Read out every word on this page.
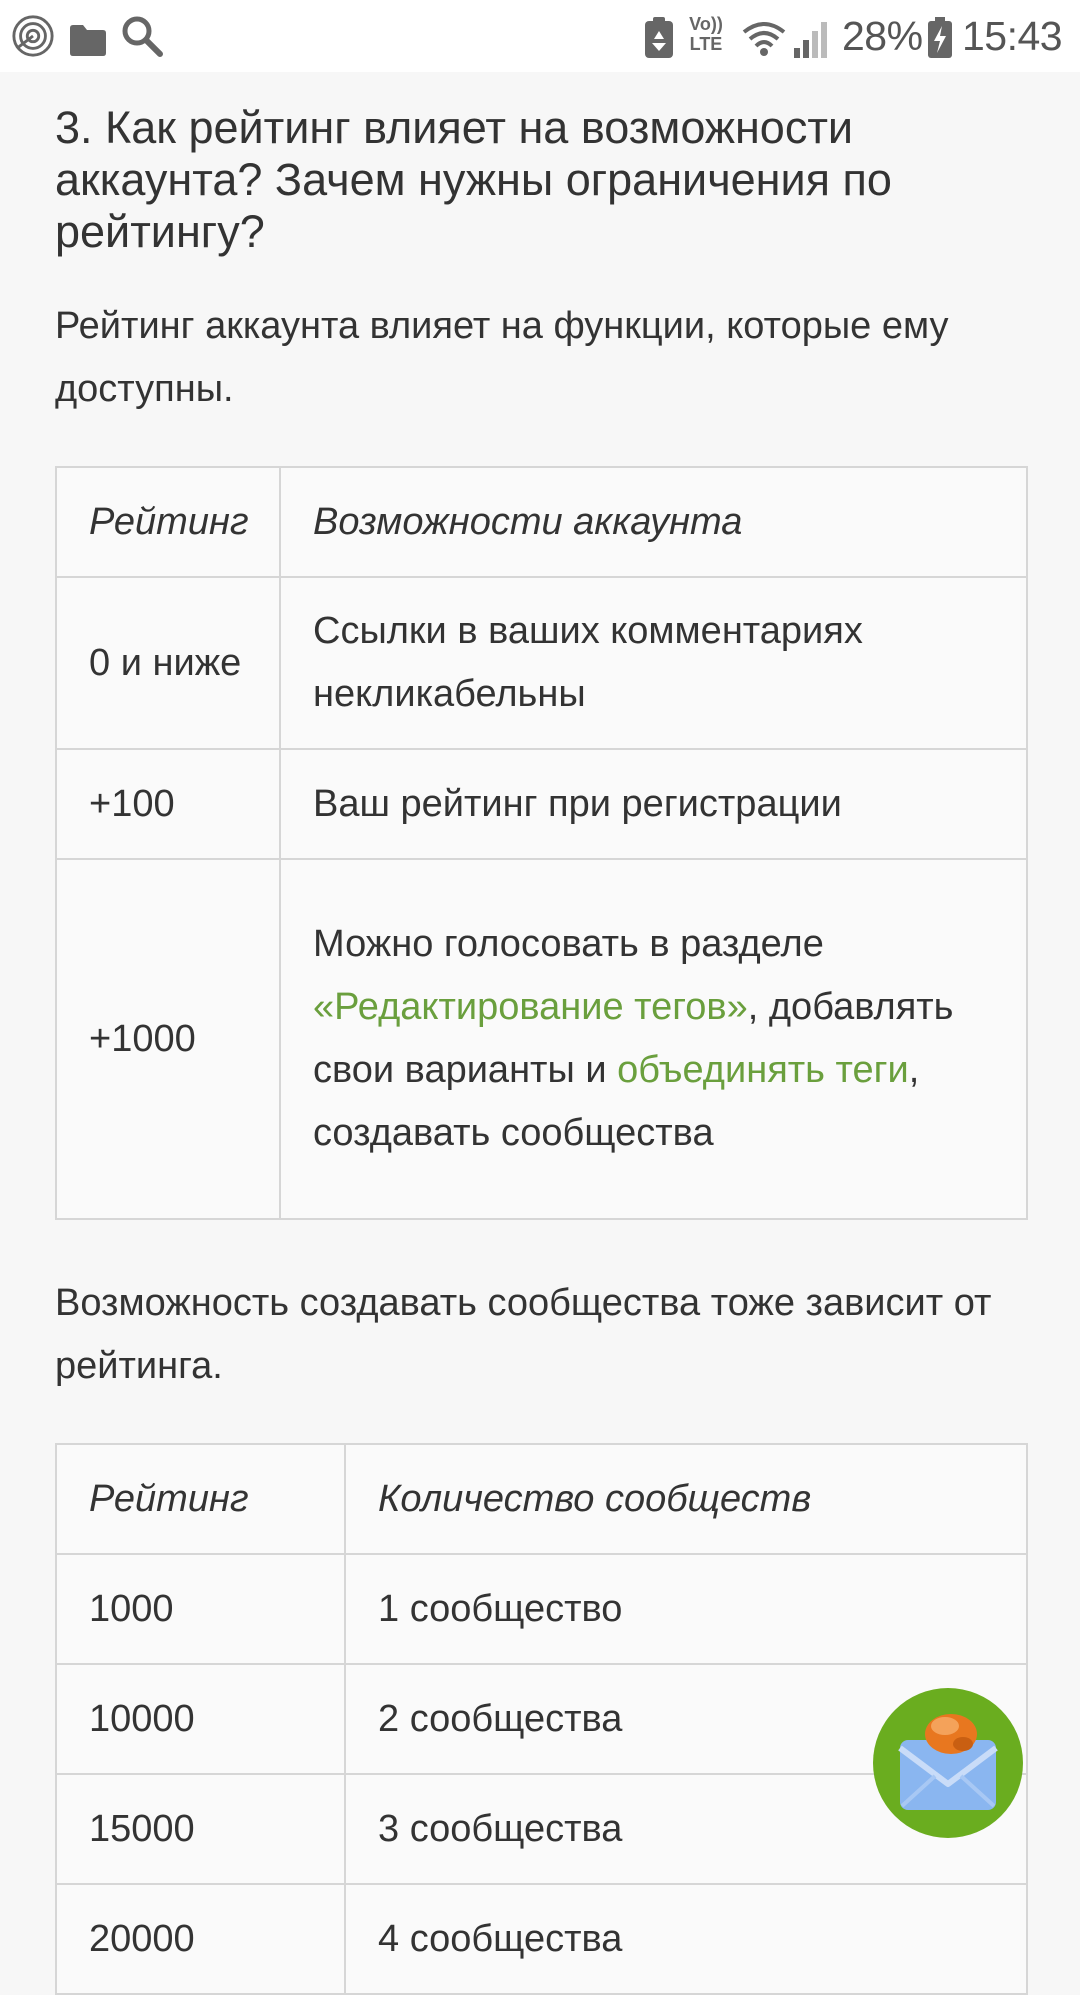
Vo))
LTE	28% 15:43
3. Как рейтинг влияет на возможности аккаунта? Зачем нужны ограничения по рейтингу?

Рейтинг аккаунта влияет на функции, которые ему доступны.

Рейтинг	Возможности аккаунта
0 и ниже	Ссылки в ваших комментариях некликабельны
+100	Ваш рейтинг при регистрации
+1000	Можно голосовать в разделе «Редактирование тегов», добавлять свои варианты и объединять теги, создавать сообщества

Возможность создавать сообщества тоже зависит от рейтинга.

Рейтинг	Количество сообществ
1000	1 сообщество
10000	2 сообщества
15000	3 сообщества
20000	4 сообщества
